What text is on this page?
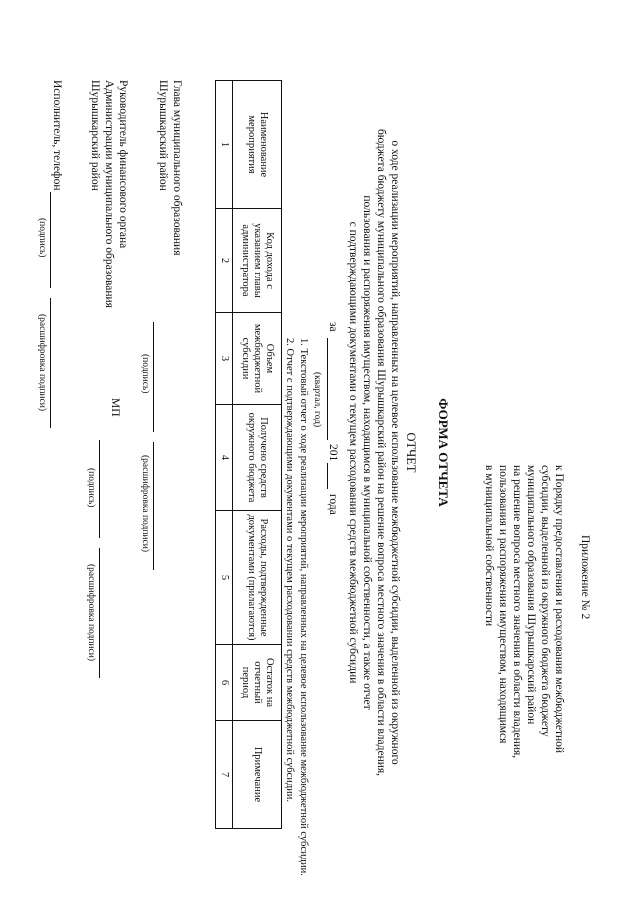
Приложение № 2
к Порядку предоставления и расходования межбюджетной
субсидии, выделенной из окружного бюджета бюджету
муниципального образования Шурышкарский район
на решение вопроса местного значения в области владения,
пользования и распоряжения имуществом, находящимся
в муниципальной собственности
ФОРМА ОТЧЕТА
ОТЧЕТ
о ходе реализации мероприятий, направленных на целевое использование межбюджетной субсидии, выделенной из окружного
бюджета бюджету муниципального образования Шурышкарский район на решение вопроса местного значения в области владения,
пользования и распоряжения имуществом, находящимся в муниципальной собственности, а также отчет
с подтверждающими документами о текущем расходовании средств межбюджетной субсидии
за
201
года
(квартал, год)
1. Текстовый отчет о ходе реализации мероприятий, направленных на целевое использование межбюджетной субсидии.
2. Отчет с подтверждающими документами о текущем расходовании средств межбюджетной субсидии.
Наименование мероприятия	Код дохода с указанием главы администратора	Объем межбюджетной субсидии	Получено средств окружного бюджета	Расходы, подтвержденные документами (прилагаются)	Остаток на отчетный период	Примечание
1	2	3	4	5	6	7
Глава муниципального образования
Шурышкарский район
(подпись)
(расшифровка подписи)
Руководитель финансового органа
Администрации муниципального образования
Шурышкарский район
МП
(подпись)
(расшифровка подписи)
Исполнитель, телефон
(подпись)
(расшифровка подписи)
